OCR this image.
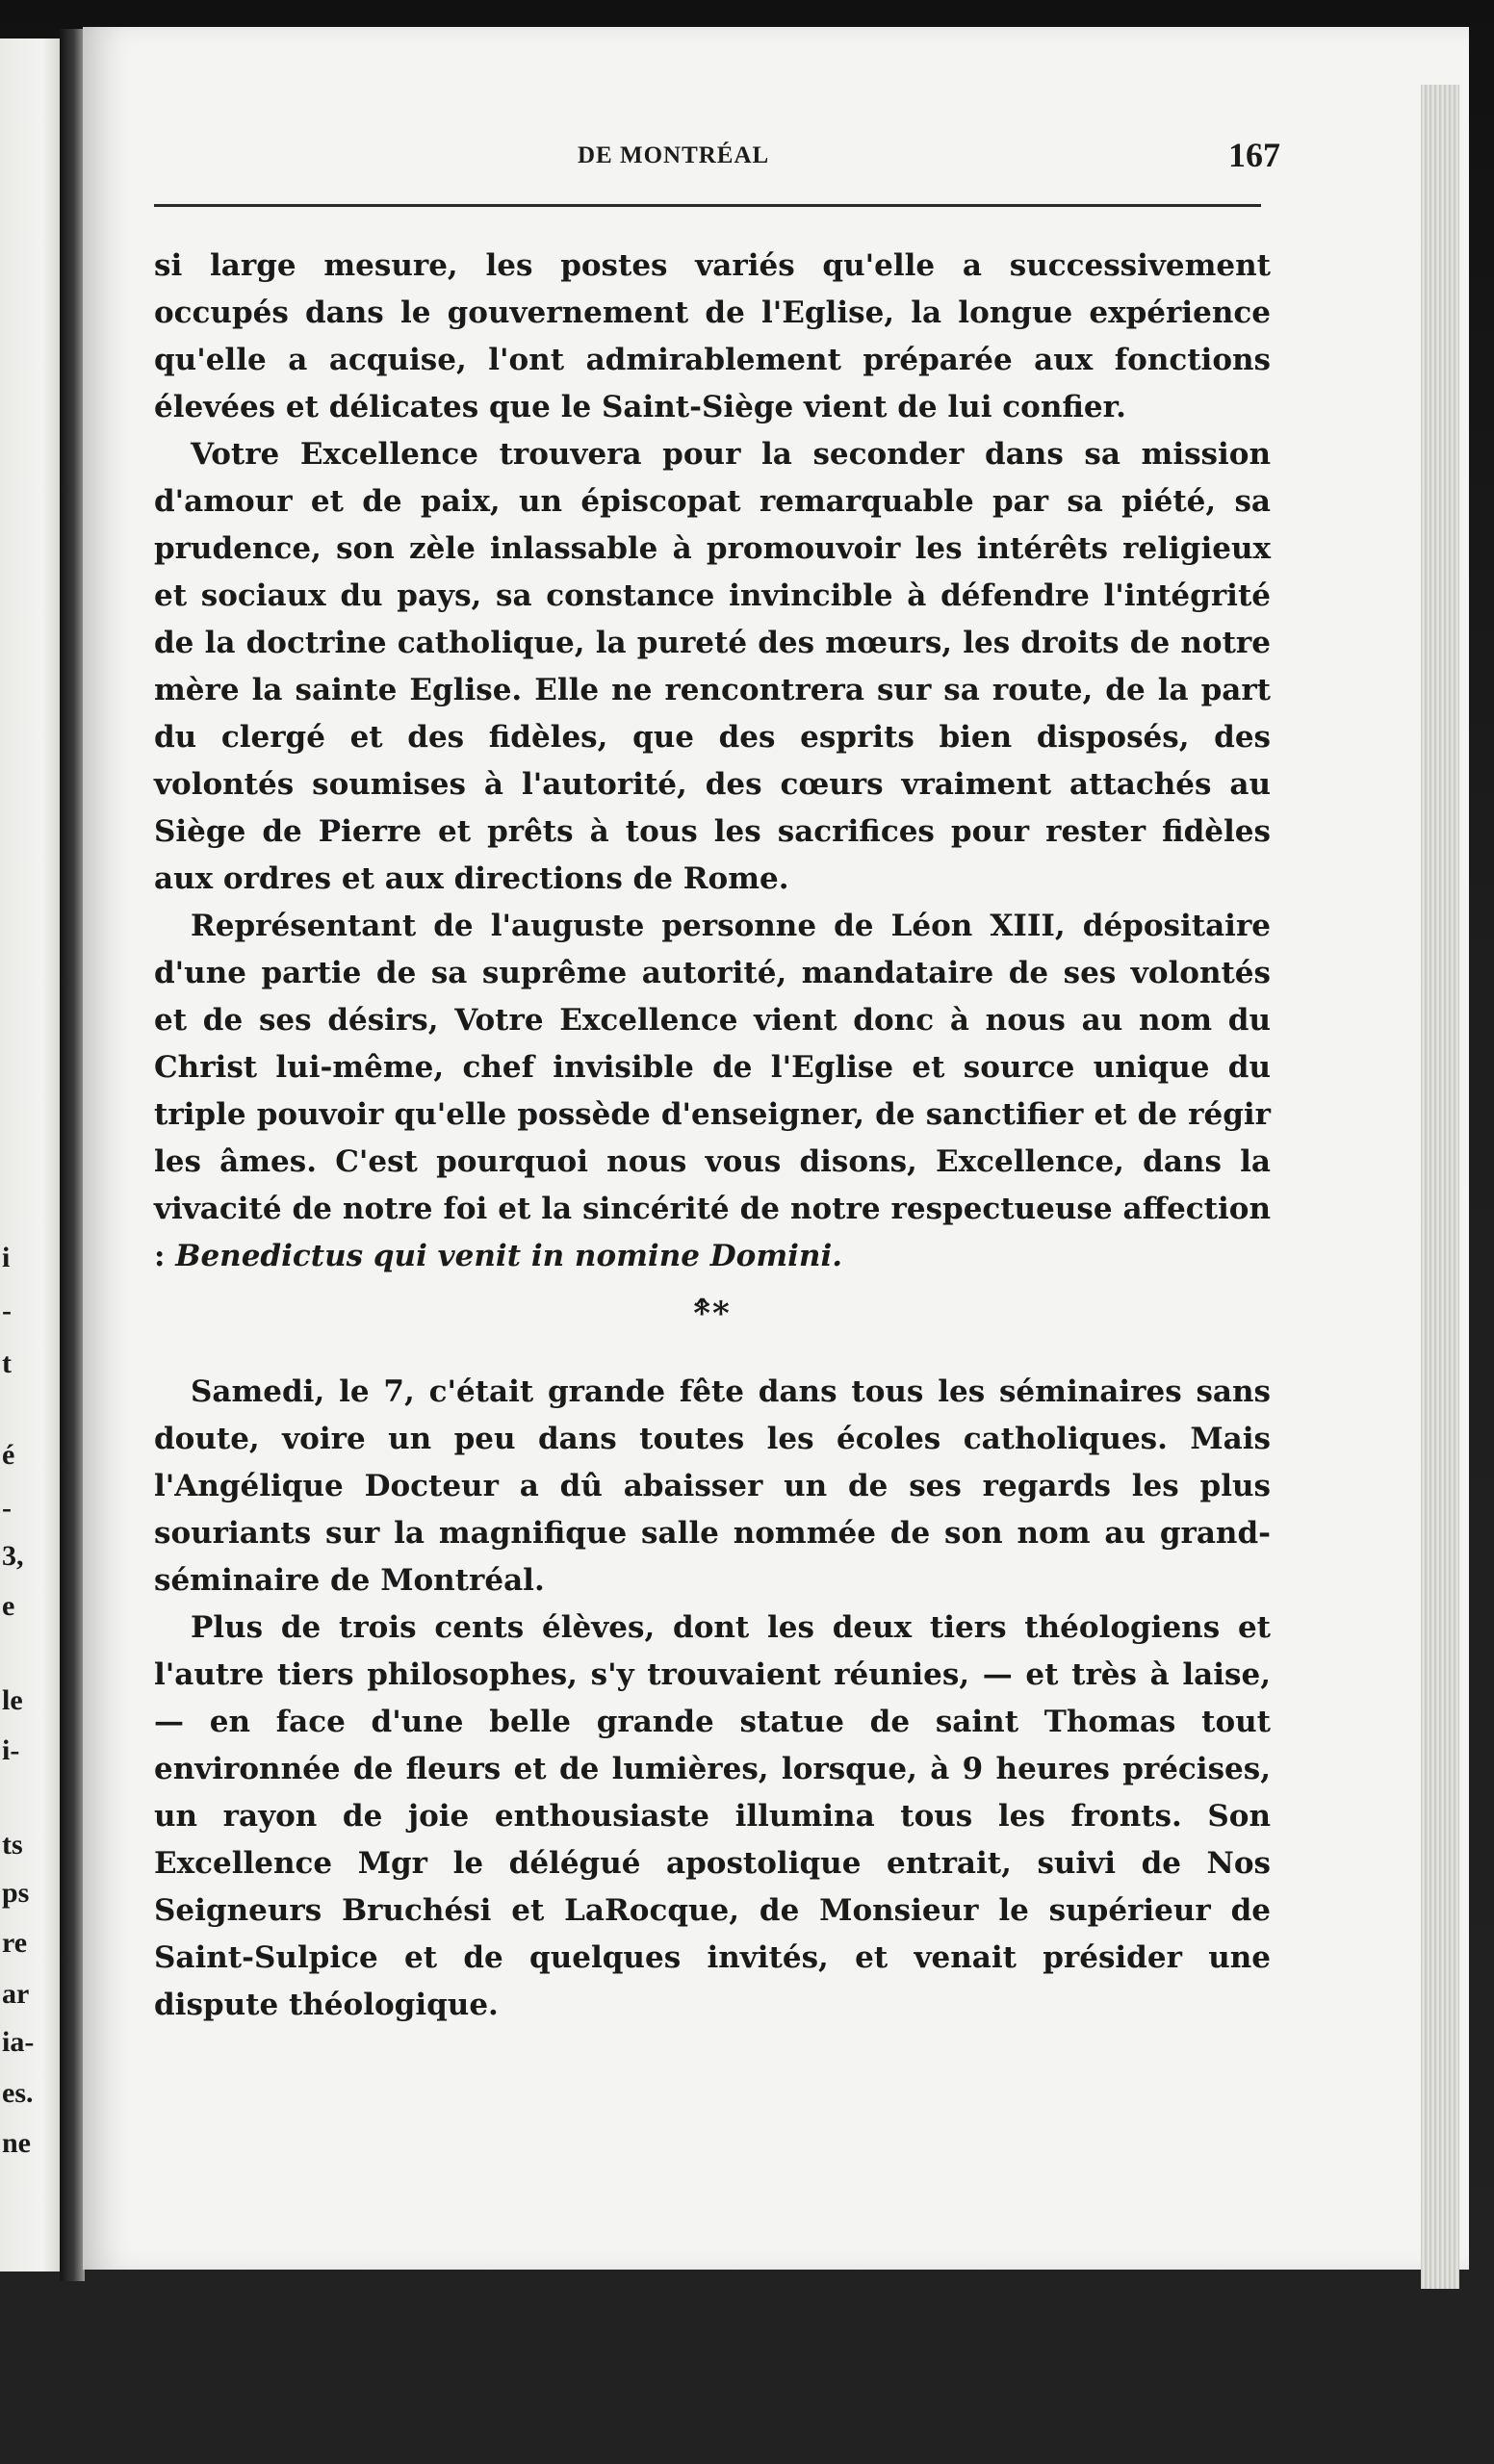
i
-
t
é
-
3,
e
le
i-
ts
ps
re
ar
ia-
es.
ne
DE MONTRÉAL	167

si large mesure, les postes variés qu'elle a successivement occupés dans le gouvernement de l'Eglise, la longue expérience qu'elle a acquise, l'ont admirablement préparée aux fonctions élevées et délicates que le Saint-Siège vient de lui confier.

Votre Excellence trouvera pour la seconder dans sa mission d'amour et de paix, un épiscopat remarquable par sa piété, sa prudence, son zèle inlassable à promouvoir les intérêts religieux et sociaux du pays, sa constance invincible à défendre l'intégrité de la doctrine catholique, la pureté des mœurs, les droits de notre mère la sainte Eglise. Elle ne rencontrera sur sa route, de la part du clergé et des fidèles, que des esprits bien disposés, des volontés soumises à l'autorité, des cœurs vraiment attachés au Siège de Pierre et prêts à tous les sacrifices pour rester fidèles aux ordres et aux directions de Rome.

Représentant de l'auguste personne de Léon XIII, dépositaire d'une partie de sa suprême autorité, mandataire de ses volontés et de ses désirs, Votre Excellence vient donc à nous au nom du Christ lui-même, chef invisible de l'Eglise et source unique du triple pouvoir qu'elle possède d'enseigner, de sanctifier et de régir les âmes. C'est pourquoi nous vous disons, Excellence, dans la vivacité de notre foi et la sincérité de notre respectueuse affection : Benedictus qui venit in nomine Domini.

*̂*

Samedi, le 7, c'était grande fête dans tous les séminaires sans doute, voire un peu dans toutes les écoles catholiques. Mais l'Angélique Docteur a dû abaisser un de ses regards les plus souriants sur la magnifique salle nommée de son nom au grand-séminaire de Montréal.

Plus de trois cents élèves, dont les deux tiers théologiens et l'autre tiers philosophes, s'y trouvaient réunies, — et très à laise, — en face d'une belle grande statue de saint Thomas tout environnée de fleurs et de lumières, lorsque, à 9 heures précises, un rayon de joie enthousiaste illumina tous les fronts. Son Excellence Mgr le délégué apostolique entrait, suivi de Nos Seigneurs Bruchési et LaRocque, de Monsieur le supérieur de Saint-Sulpice et de quelques invités, et venait présider une dispute théologique.
